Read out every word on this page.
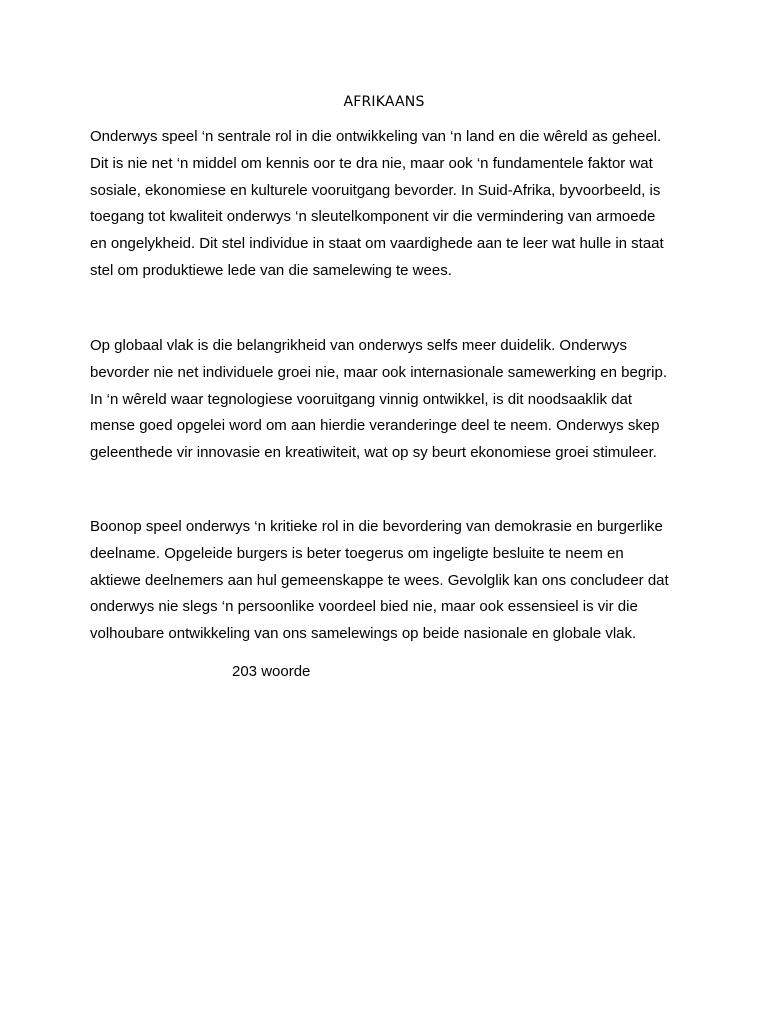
AFRIKAANS

Onderwys speel ‘n sentrale rol in die ontwikkeling van ‘n land en die wêreld as geheel.
Dit is nie net ‘n middel om kennis oor te dra nie, maar ook ‘n fundamentele faktor wat
sosiale, ekonomiese en kulturele vooruitgang bevorder. In Suid-Afrika, byvoorbeeld, is
toegang tot kwaliteit onderwys ‘n sleutelkomponent vir die vermindering van armoede
en ongelykheid. Dit stel individue in staat om vaardighede aan te leer wat hulle in staat
stel om produktiewe lede van die samelewing te wees.

Op globaal vlak is die belangrikheid van onderwys selfs meer duidelik. Onderwys
bevorder nie net individuele groei nie, maar ook internasionale samewerking en begrip.
In ‘n wêreld waar tegnologiese vooruitgang vinnig ontwikkel, is dit noodsaaklik dat
mense goed opgelei word om aan hierdie veranderinge deel te neem. Onderwys skep
geleenthede vir innovasie en kreatiwiteit, wat op sy beurt ekonomiese groei stimuleer.

Boonop speel onderwys ‘n kritieke rol in die bevordering van demokrasie en burgerlike
deelname. Opgeleide burgers is beter toegerus om ingeligte besluite te neem en
aktiewe deelnemers aan hul gemeenskappe te wees. Gevolglik kan ons concludeer dat
onderwys nie slegs ‘n persoonlike voordeel bied nie, maar ook essensieel is vir die
volhoubare ontwikkeling van ons samelewings op beide nasionale en globale vlak.

203 woorde
